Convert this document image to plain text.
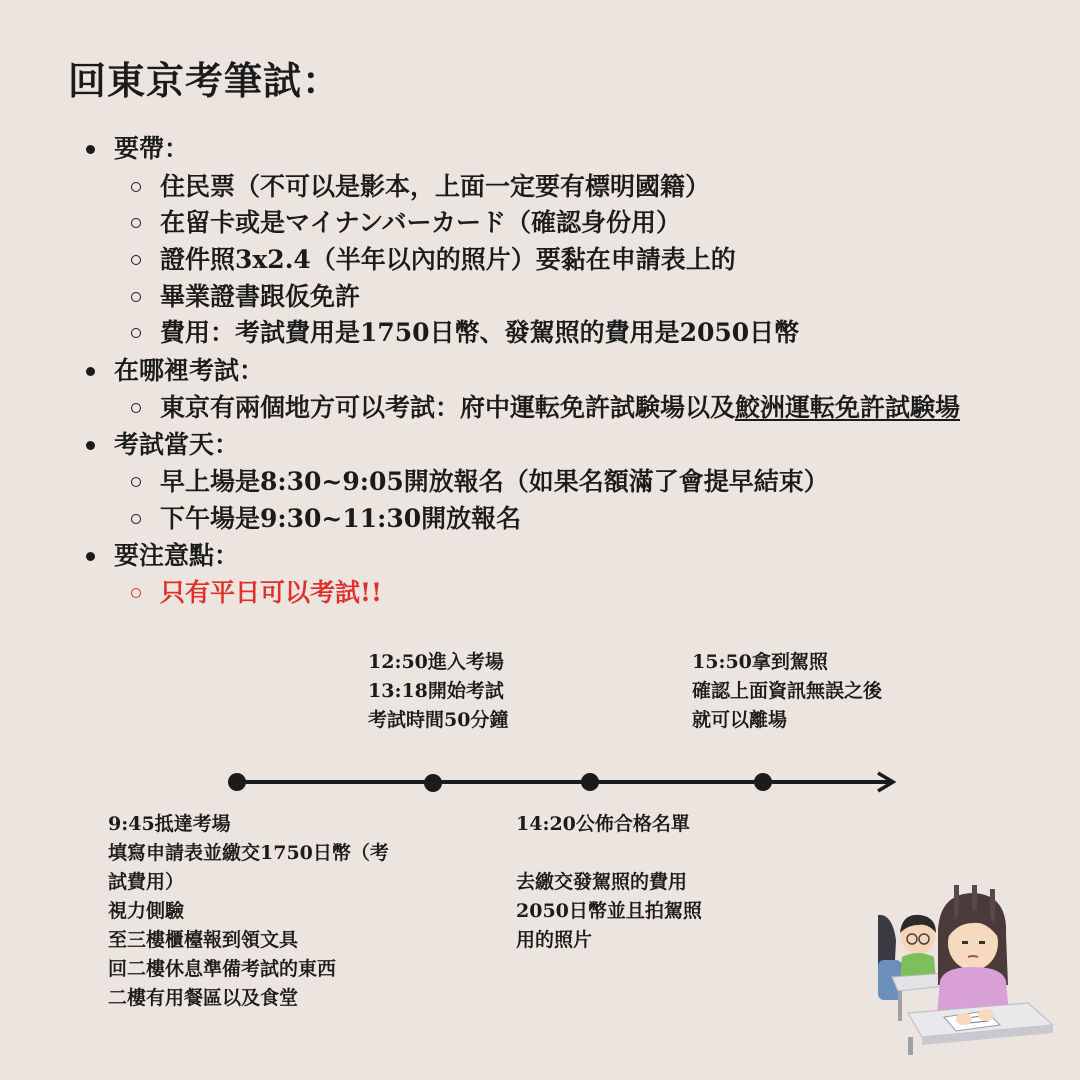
回東京考筆試：
要帶：
住民票（不可以是影本，上面一定要有標明國籍）
在留卡或是マイナンバーカード（確認身份用）
證件照3x2.4（半年以內的照片）要黏在申請表上的
畢業證書跟仮免許
費用：考試費用是1750日幣、發駕照的費用是2050日幣
在哪裡考試：
東京有兩個地方可以考試：府中運転免許試験場以及鮫洲運転免許試験場
考試當天：
早上場是8:30~9:05開放報名（如果名額滿了會提早結束）
下午場是9:30~11:30開放報名
要注意點：
只有平日可以考試!!
12:50進入考場
13:18開始考試
考試時間50分鐘
15:50拿到駕照
確認上面資訊無誤之後
就可以離場
9:45抵達考場
填寫申請表並繳交1750日幣（考
試費用）
視力側驗
至三樓櫃檯報到領文具
回二樓休息準備考試的東西
二樓有用餐區以及食堂
14:20公佈合格名單

去繳交發駕照的費用
2050日幣並且拍駕照
用的照片
